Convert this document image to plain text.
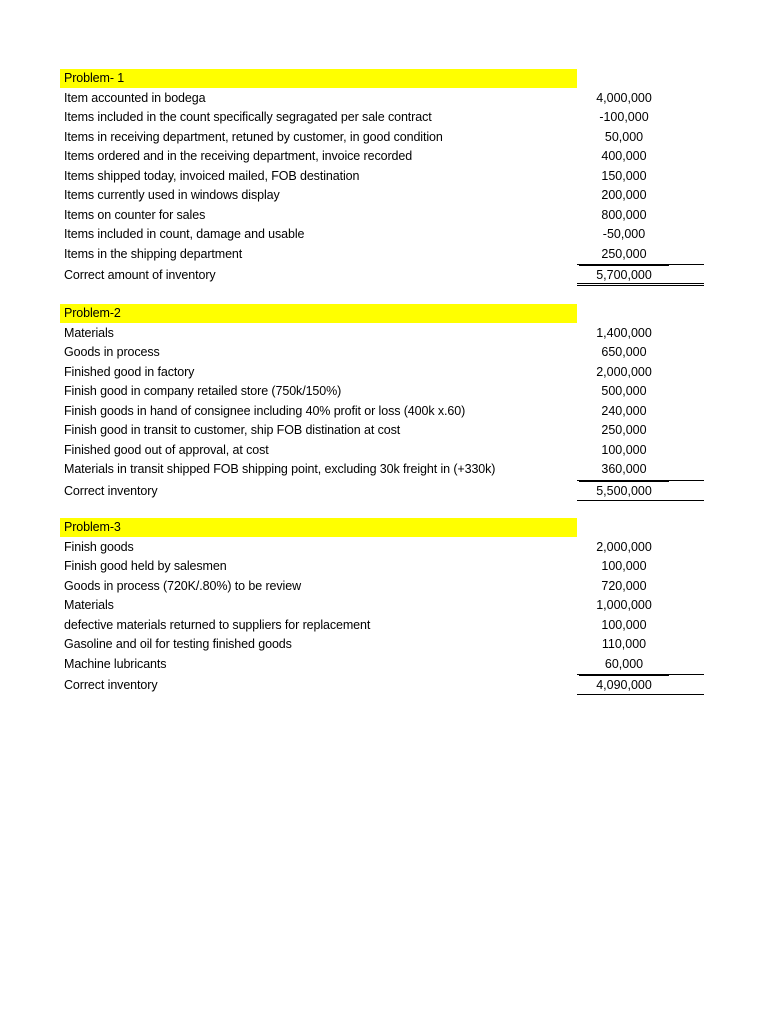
Problem- 1
Item accounted in bodega	4,000,000
Items included in the count specifically segragated per sale contract	-100,000
Items in receiving department, retuned by customer, in good condition	50,000
Items ordered and in the receiving department, invoice recorded	400,000
Items shipped today, invoiced mailed, FOB destination	150,000
Items currently used in windows display	200,000
Items on counter for sales	800,000
Items included in count, damage and usable	-50,000
Items in the shipping department	250,000
Correct amount of inventory	5,700,000
Problem-2
Materials	1,400,000
Goods in process	650,000
Finished good in factory	2,000,000
Finish good in company retailed store (750k/150%)	500,000
Finish goods in hand of consignee including 40% profit or loss (400k x.60)	240,000
Finish good in transit to customer, ship FOB distination at cost	250,000
Finished good out of approval, at cost	100,000
Materials in transit shipped FOB shipping point, excluding 30k freight in (+330k)	360,000
Correct inventory	5,500,000
Problem-3
Finish goods	2,000,000
Finish good held by salesmen	100,000
Goods in process (720K/.80%) to be review	720,000
Materials	1,000,000
defective materials returned to suppliers for replacement	100,000
Gasoline and oil for testing finished goods	110,000
Machine lubricants	60,000
Correct inventory	4,090,000
